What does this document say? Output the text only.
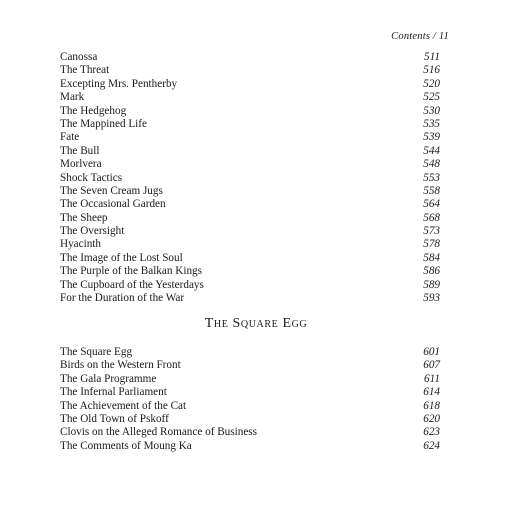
Contents / 11
Canossa	511
The Threat	516
Excepting Mrs. Pentherby	520
Mark	525
The Hedgehog	530
The Mappined Life	535
Fate	539
The Bull	544
Morlvera	548
Shock Tactics	553
The Seven Cream Jugs	558
The Occasional Garden	564
The Sheep	568
The Oversight	573
Hyacinth	578
The Image of the Lost Soul	584
The Purple of the Balkan Kings	586
The Cupboard of the Yesterdays	589
For the Duration of the War	593
The Square Egg
The Square Egg	601
Birds on the Western Front	607
The Gala Programme	611
The Infernal Parliament	614
The Achievement of the Cat	618
The Old Town of Pskoff	620
Clovis on the Alleged Romance of Business	623
The Comments of Moung Ka	624
